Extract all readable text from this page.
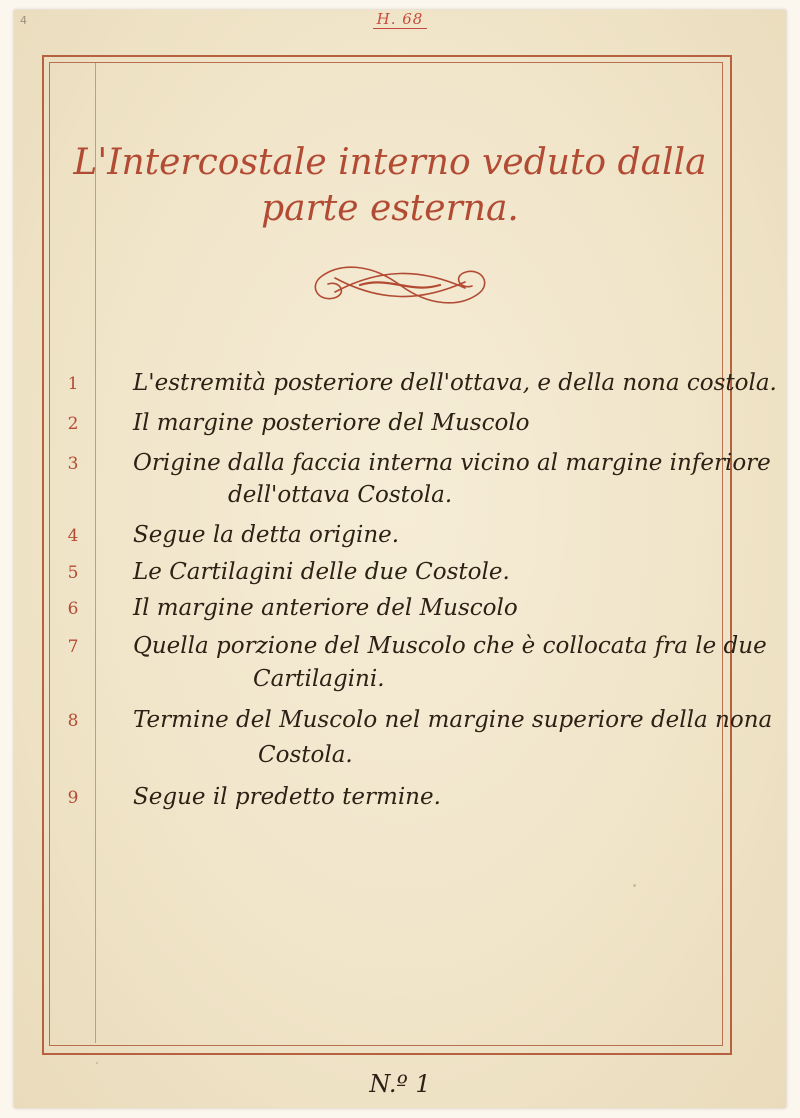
4	H. 68
L'Intercostale interno veduto dalla
parte esterna.
1	L'estremità posteriore dell'ottava, e della nona costola.
2	Il margine posteriore del Muscolo
3	Origine dalla faccia interna vicino al margine inferiore
dell'ottava Costola.
4	Segue la detta origine.
5	Le Cartilagini delle due Costole.
6	Il margine anteriore del Muscolo
7	Quella porzione del Muscolo che è collocata fra le due
Cartilagini.
8	Termine del Muscolo nel margine superiore della nona
Costola.
9	Segue il predetto termine.
N.º 1
